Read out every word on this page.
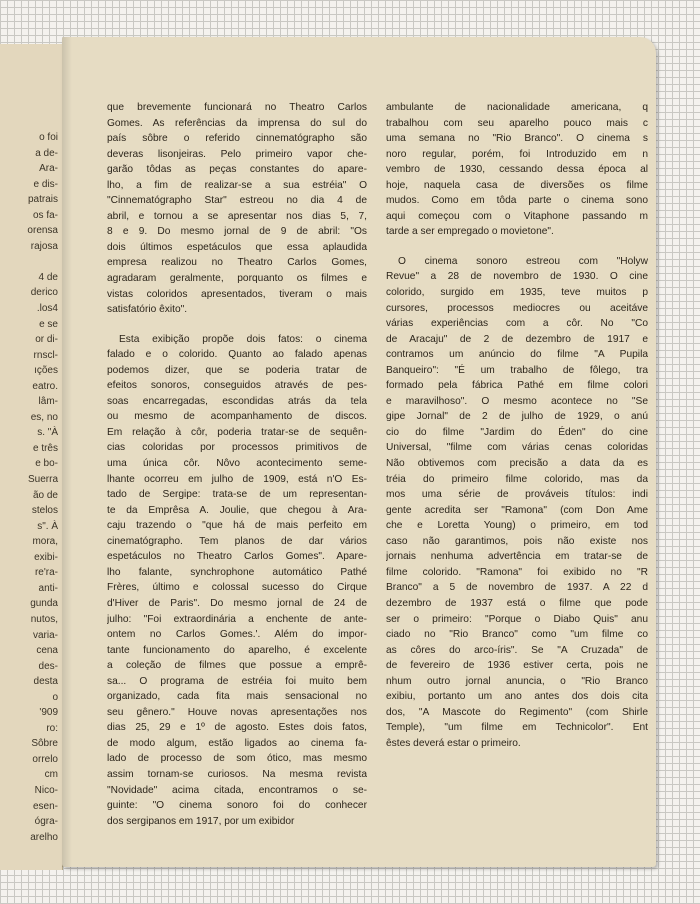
o foi
a de-
Ara-
e dis-
patrais
os fa-
orensa
rajosa

4 de
derico
.los4
e se
or di-
rnscl-
ıções
eatro.
lâm-
es, no
s. "À
e três
e bo-
Suerra
ão de
stelos
s". À
mora,
exibi-
re'ra-
anti-
gunda
nutos,
varia-
cena
des-
desta
o
'909
ro:
Sôbre
orrelo
cm
Nico-
esen-
ógra-
arelho
que brevemente funcionará no Theatro Carlos
Gomes. As referências da imprensa do sul do
país sôbre o referido cinnematógrapho são
deveras lisonjeiras. Pelo primeiro vapor che-
garão tôdas as peças constantes do apare-
lho, a fim de realizar-se a sua estréia" O
"Cinnematógrapho Star" estreou no dia 4 de
abril, e tornou a se apresentar nos dias 5, 7,
8 e 9. Do mesmo jornal de 9 de abril: "Os
dois últimos espetáculos que essa aplaudida
empresa realizou no Theatro Carlos Gomes,
agradaram geralmente, porquanto os filmes e
vistas coloridos apresentados, tiveram o mais
satisfatório êxito".
Esta exibição propõe dois fatos: o cinema
falado e o colorido. Quanto ao falado apenas
podemos dizer, que se poderia tratar de
efeitos sonoros, conseguidos através de pes-
soas encarregadas, escondidas atrás da tela
ou mesmo de acompanhamento de discos.
Em relação à côr, poderia tratar-se de sequên-
cias coloridas por processos primitivos de
uma única côr. Nôvo acontecimento seme-
lhante ocorreu em julho de 1909, está n'O Es-
tado de Sergipe: trata-se de um representan-
te da Emprêsa A. Joulie, que chegou à Ara-
caju trazendo o "que há de mais perfeito em
cinematógrapho. Tem planos de dar vários
espetáculos no Theatro Carlos Gomes". Apare-
lho falante, synchrophone automático Pathé
Frères, último e colossal sucesso do Cirque
d'Hiver de Paris". Do mesmo jornal de 24 de
julho: "Foi extraordinária a enchente de ante-
ontem no Carlos Gomes.'. Além do impor-
tante funcionamento do aparelho, é excelente
a coleção de filmes que possue a emprê-
sa... O programa de estréia foi muito bem
organizado, cada fita mais sensacional no
seu gênero." Houve novas apresentações nos
dias 25, 29 e 1º de agosto. Estes dois fatos,
de modo algum, estão ligados ao cinema fa-
lado de processo de som ótico, mas mesmo
assim tornam-se curiosos. Na mesma revista
"Novidade" acima citada, encontramos o se-
guinte: "O cinema sonoro foi do conhecer
dos sergipanos em 1917, por um exibidor
ambulante de nacionalidade americana, q
trabalhou com seu aparelho pouco mais c
uma semana no "Rio Branco". O cinema s
noro regular, porém, foi Introduzido em n
vembro de 1930, cessando dessa época al
hoje, naquela casa de diversões os filme
mudos. Como em tôda parte o cinema sono
aqui começou com o Vitaphone passando m
tarde a ser empregado o movietone".
O cinema sonoro estreou com "Holyw
Revue" a 28 de novembro de 1930. O cine
colorido, surgido em 1935, teve muitos p
cursores, processos mediocres ou aceitáve
várias experiências com a côr. No "Co
de Aracaju" de 2 de dezembro de 1917 e
contramos um anúncio do filme "A Pupila
Banqueiro": "É um trabalho de fôlego, tra
formado pela fábrica Pathé em filme colori
e maravilhoso". O mesmo acontece no "Se
gipe Jornal" de 2 de julho de 1929, o anú
cio do filme "Jardim do Éden" do cine
Universal, "filme com várias cenas coloridas
Não obtivemos com precisão a data da es
tréia do primeiro filme colorido, mas da
mos uma série de prováveis títulos: indi
gente acredita ser "Ramona" (com Don Ame
che e Loretta Young) o primeiro, em tod
caso não garantimos, pois não existe nos
jornais nenhuma advertência em tratar-se de
filme colorido. "Ramona" foi exibido no "R
Branco" a 5 de novembro de 1937. A 22 d
dezembro de 1937 está o filme que pode
ser o primeiro: "Porque o Diabo Quis" anu
ciado no "Rio Branco" como "um filme co
as côres do arco-íris". Se "A Cruzada" de
de fevereiro de 1936 estiver certa, pois ne
nhum outro jornal anuncia, o "Rio Branco
exibiu, portanto um ano antes dos dois cita
dos, "A Mascote do Regimento" (com Shirle
Temple), "um filme em Technicolor". Ent
êstes deverá estar o primeiro.
